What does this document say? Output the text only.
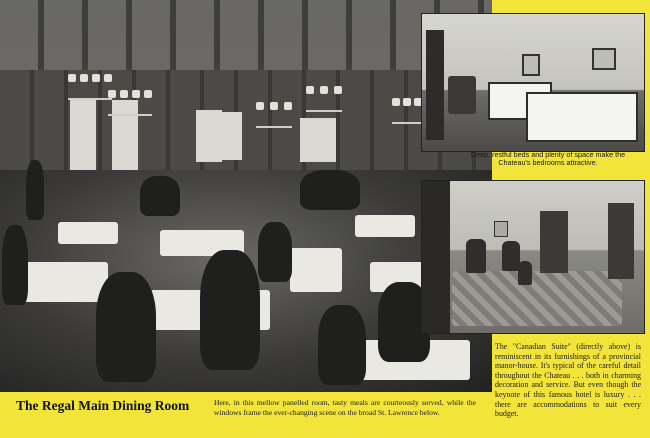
Deep, restful beds and plenty of space make the Chateau's bedrooms attractive.
The "Canadian Suite" (directly above) is reminiscent in its furnishings of a provincial manor-house. It's typical of the careful detail throughout the Chateau . . . both in charming decoration and service. But even though the keynote of this famous hotel is luxury . . . there are accommodations to suit every budget.
The Regal Main Dining Room	Here, in this mellow panelled room, tasty meals are courteously served, while the windows frame the ever-changing scene on the broad St. Lawrence below.
